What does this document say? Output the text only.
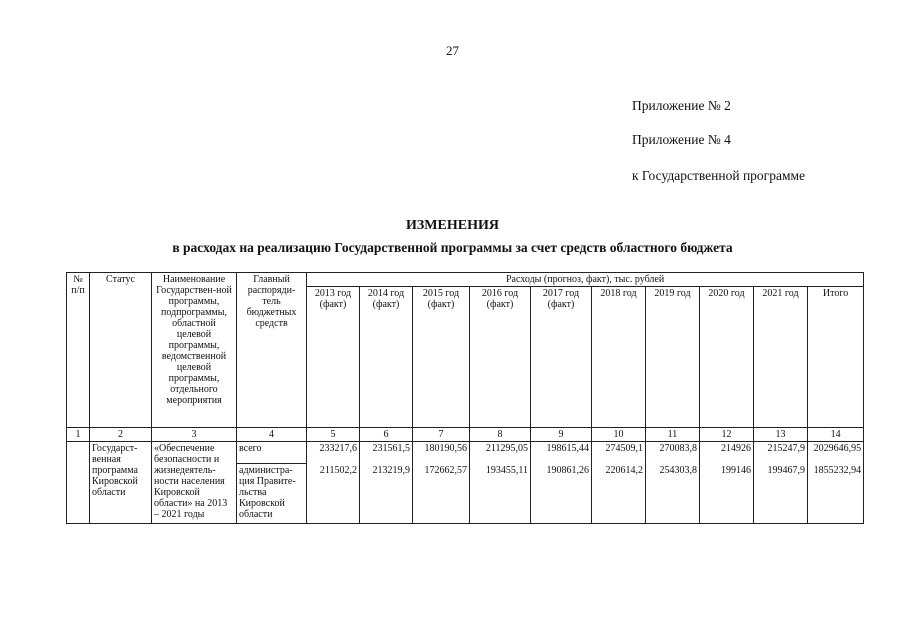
27
Приложение № 2
Приложение № 4
к Государственной программе
ИЗМЕНЕНИЯ
в расходах на реализацию Государственной программы за счет средств областного бюджета
№ п/п	Статус	Наименование Государствен-ной программы, подпрограммы, областной целевой программы, ведомственной целевой программы, отдельного мероприятия	Главный распоряди-тель бюджетных средств	Расходы (прогноз, факт), тыс. рублей									
				2013 год (факт)	2014 год (факт)	2015 год (факт)	2016 год (факт)	2017 год (факт)	2018 год	2019 год	2020 год	2021 год	Итого
1	2	3	4	5	6	7	8	9	10	11	12	13	14
	Государст-венная программа Кировской области	«Обеспечение безопасности и жизнедеятель-ности населения Кировской области» на 2013 – 2021 годы	всего	233217,6	231561,5	180190,56	211295,05	198615,44	274509,1	270083,8	214926	215247,9	2029646,95
			администра-ция Правите-льства Кировской области	211502,2	213219,9	172662,57	193455,11	190861,26	220614,2	254303,8	199146	199467,9	1855232,94
